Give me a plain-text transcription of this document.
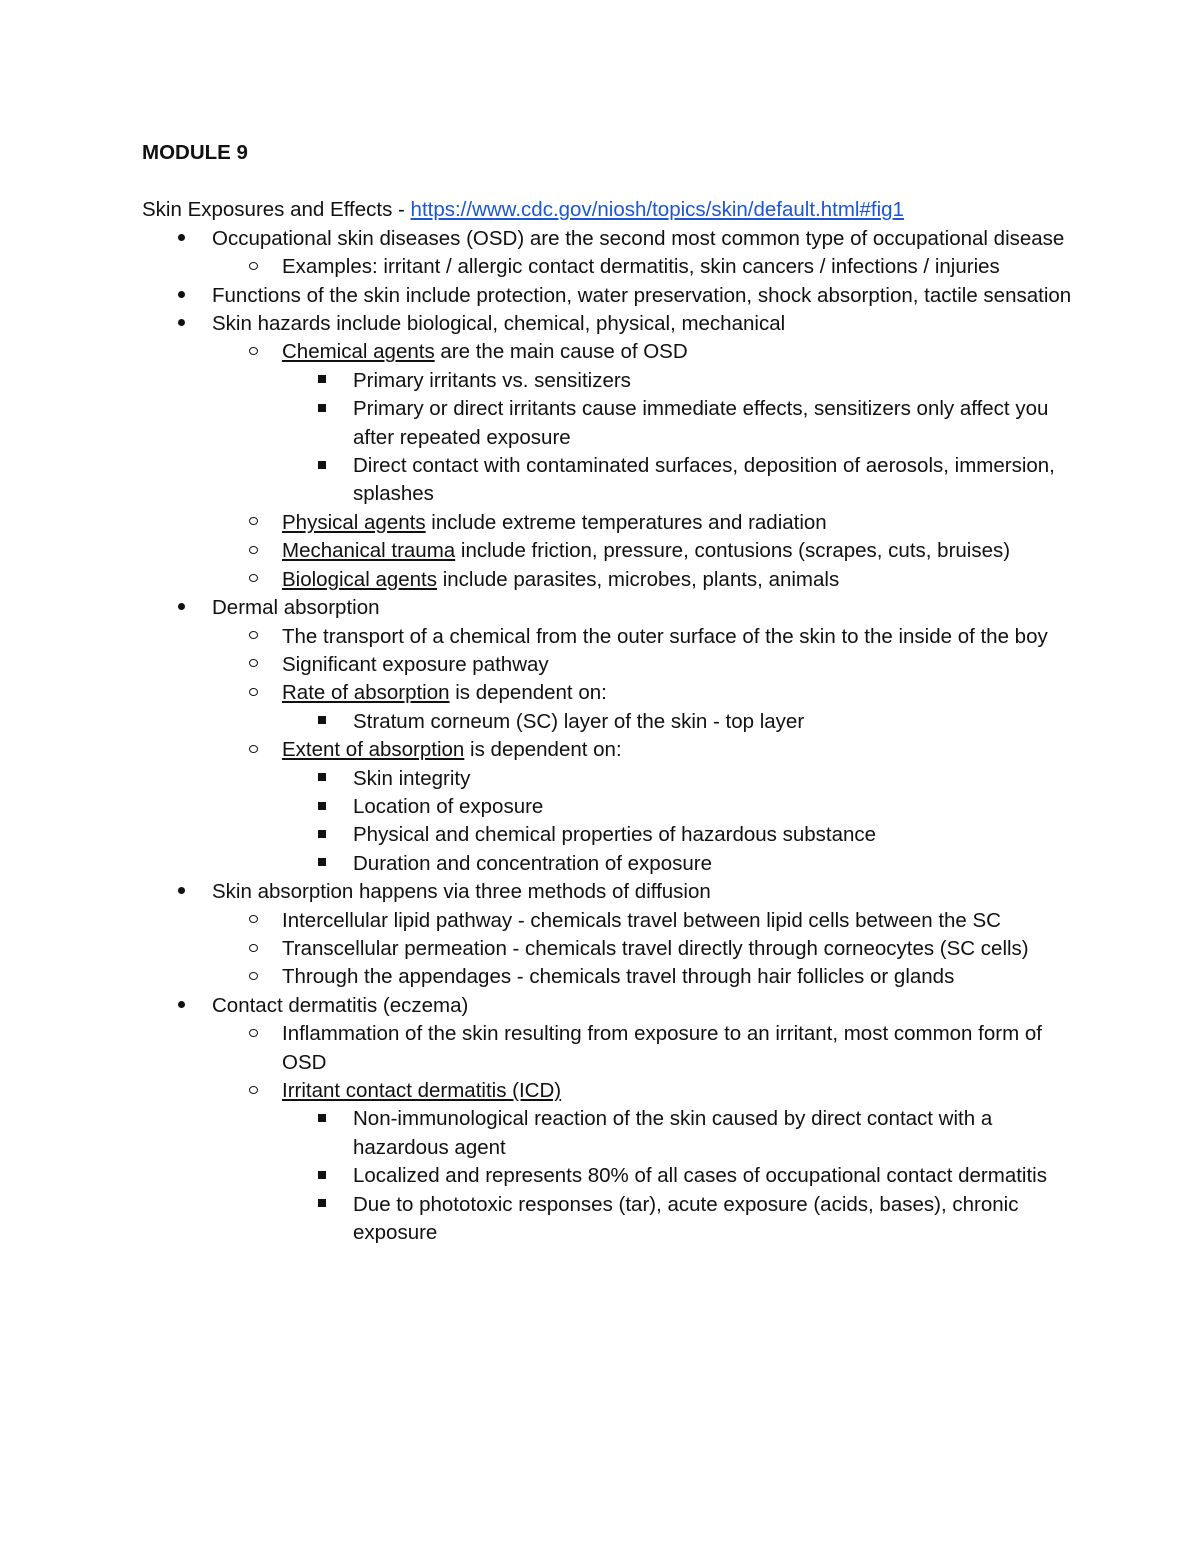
MODULE 9
Skin Exposures and Effects - https://www.cdc.gov/niosh/topics/skin/default.html#fig1
Occupational skin diseases (OSD) are the second most common type of occupational disease
Examples: irritant / allergic contact dermatitis, skin cancers / infections / injuries
Functions of the skin include protection, water preservation, shock absorption, tactile sensation
Skin hazards include biological, chemical, physical, mechanical
Chemical agents are the main cause of OSD
Primary irritants vs. sensitizers
Primary or direct irritants cause immediate effects, sensitizers only affect you after repeated exposure
Direct contact with contaminated surfaces, deposition of aerosols, immersion, splashes
Physical agents include extreme temperatures and radiation
Mechanical trauma include friction, pressure, contusions (scrapes, cuts, bruises)
Biological agents include parasites, microbes, plants, animals
Dermal absorption
The transport of a chemical from the outer surface of the skin to the inside of the boy
Significant exposure pathway
Rate of absorption is dependent on:
Stratum corneum (SC) layer of the skin - top layer
Extent of absorption is dependent on:
Skin integrity
Location of exposure
Physical and chemical properties of hazardous substance
Duration and concentration of exposure
Skin absorption happens via three methods of diffusion
Intercellular lipid pathway - chemicals travel between lipid cells between the SC
Transcellular permeation - chemicals travel directly through corneocytes (SC cells)
Through the appendages - chemicals travel through hair follicles or glands
Contact dermatitis (eczema)
Inflammation of the skin resulting from exposure to an irritant, most common form of OSD
Irritant contact dermatitis (ICD)
Non-immunological reaction of the skin caused by direct contact with a hazardous agent
Localized and represents 80% of all cases of occupational contact dermatitis
Due to phototoxic responses (tar), acute exposure (acids, bases), chronic exposure
